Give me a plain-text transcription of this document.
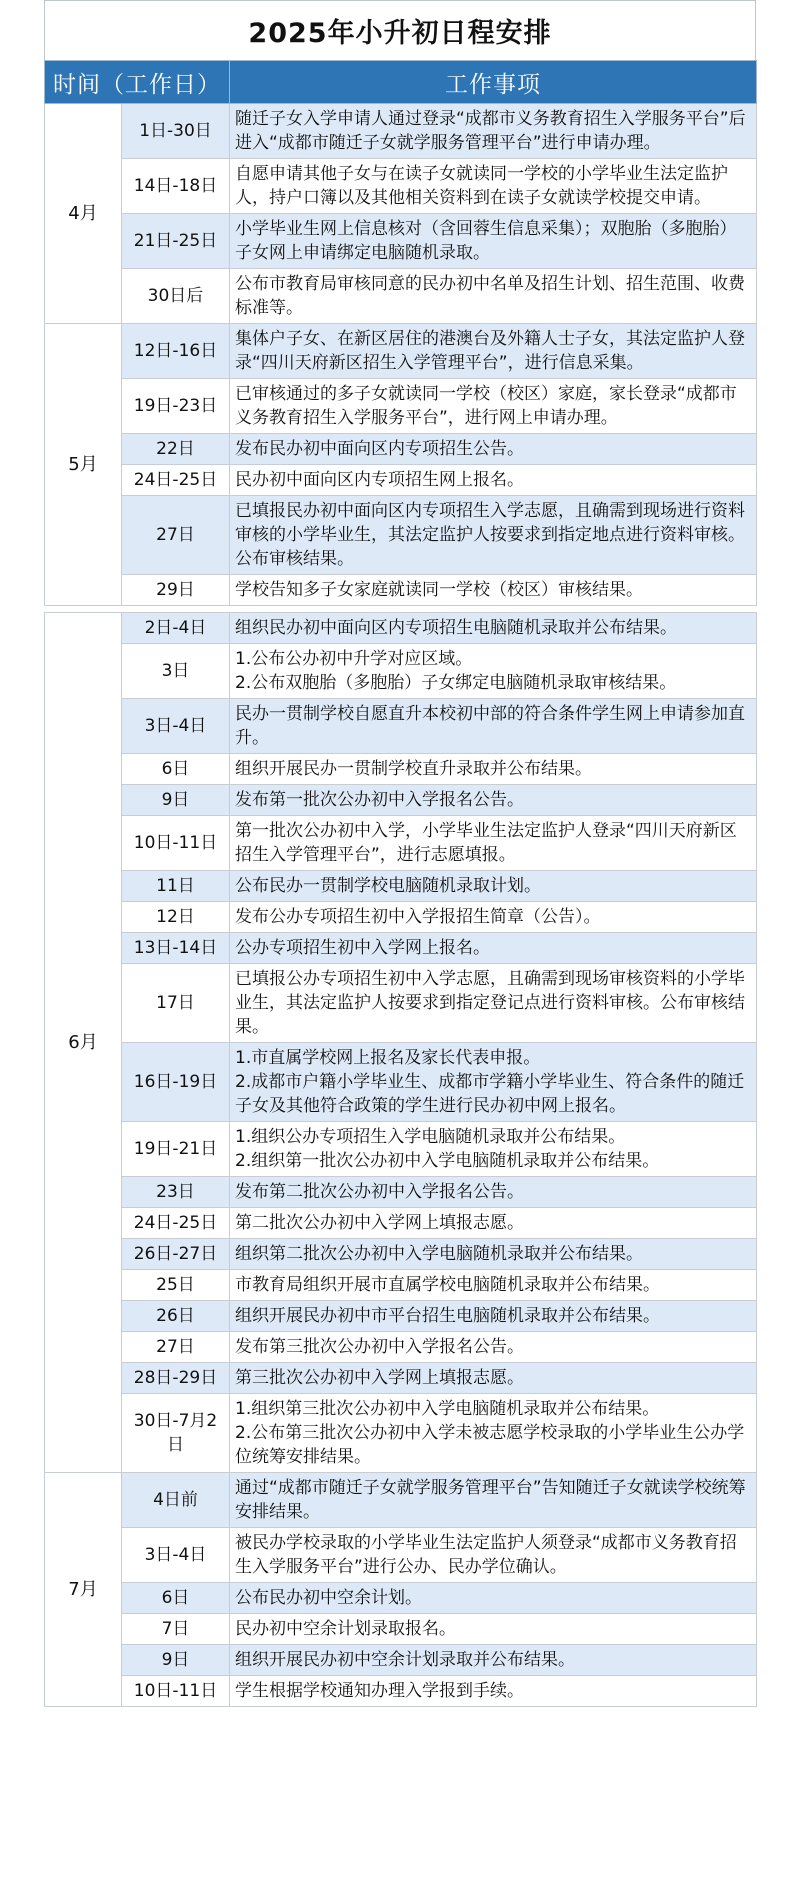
2025年小升初日程安排
时间（工作日）		工作事项
4月	1日-30日	随迁子女入学申请人通过登录“成都市义务教育招生入学服务平台”后进入“成都市随迁子女就学服务管理平台”进行申请办理。

	14日-18日	自愿申请其他子女与在读子女就读同一学校的小学毕业生法定监护人，持户口簿以及其他相关资料到在读子女就读学校提交申请。

	21日-25日	小学毕业生网上信息核对（含回蓉生信息采集）；双胞胎（多胞胎）子女网上申请绑定电脑随机录取。

	30日后	公布市教育局审核同意的民办初中名单及招生计划、招生范围、收费标准等。

5月	12日-16日	集体户子女、在新区居住的港澳台及外籍人士子女，其法定监护人登录“四川天府新区招生入学管理平台”，进行信息采集。

	19日-23日	已审核通过的多子女就读同一学校（校区）家庭，家长登录“成都市义务教育招生入学服务平台”，进行网上申请办理。

	22日	发布民办初中面向区内专项招生公告。

	24日-25日	民办初中面向区内专项招生网上报名。

	27日	已填报民办初中面向区内专项招生入学志愿，且确需到现场进行资料审核的小学毕业生，其法定监护人按要求到指定地点进行资料审核。公布审核结果。

	29日	学校告知多子女家庭就读同一学校（校区）审核结果。

6月	2日-4日	组织民办初中面向区内专项招生电脑随机录取并公布结果。

	3日	1.公布公办初中升学对应区域。
2.公布双胞胎（多胞胎）子女绑定电脑随机录取审核结果。

	3日-4日	民办一贯制学校自愿直升本校初中部的符合条件学生网上申请参加直升。

	6日	组织开展民办一贯制学校直升录取并公布结果。

	9日	发布第一批次公办初中入学报名公告。

	10日-11日	第一批次公办初中入学，小学毕业生法定监护人登录“四川天府新区招生入学管理平台”，进行志愿填报。

	11日	公布民办一贯制学校电脑随机录取计划。

	12日	发布公办专项招生初中入学报招生简章（公告）。

	13日-14日	公办专项招生初中入学网上报名。

	17日	已填报公办专项招生初中入学志愿，且确需到现场审核资料的小学毕业生，其法定监护人按要求到指定登记点进行资料审核。公布审核结果。

	16日-19日	1.市直属学校网上报名及家长代表申报。
2.成都市户籍小学毕业生、成都市学籍小学毕业生、符合条件的随迁子女及其他符合政策的学生进行民办初中网上报名。

	19日-21日	1.组织公办专项招生入学电脑随机录取并公布结果。
2.组织第一批次公办初中入学电脑随机录取并公布结果。

	23日	发布第二批次公办初中入学报名公告。

	24日-25日	第二批次公办初中入学网上填报志愿。

	26日-27日	组织第二批次公办初中入学电脑随机录取并公布结果。

	25日	市教育局组织开展市直属学校电脑随机录取并公布结果。

	26日	组织开展民办初中市平台招生电脑随机录取并公布结果。

	27日	发布第三批次公办初中入学报名公告。

	28日-29日	第三批次公办初中入学网上填报志愿。

	30日-7月2日	1.组织第三批次公办初中入学电脑随机录取并公布结果。
2.公布第三批次公办初中入学未被志愿学校录取的小学毕业生公办学位统筹安排结果。

7月	4日前	通过“成都市随迁子女就学服务管理平台”告知随迁子女就读学校统筹安排结果。

	3日-4日	被民办学校录取的小学毕业生法定监护人须登录“成都市义务教育招生入学服务平台”进行公办、民办学位确认。

	6日	公布民办初中空余计划。

	7日	民办初中空余计划录取报名。

	9日	组织开展民办初中空余计划录取并公布结果。

	10日-11日	学生根据学校通知办理入学报到手续。
